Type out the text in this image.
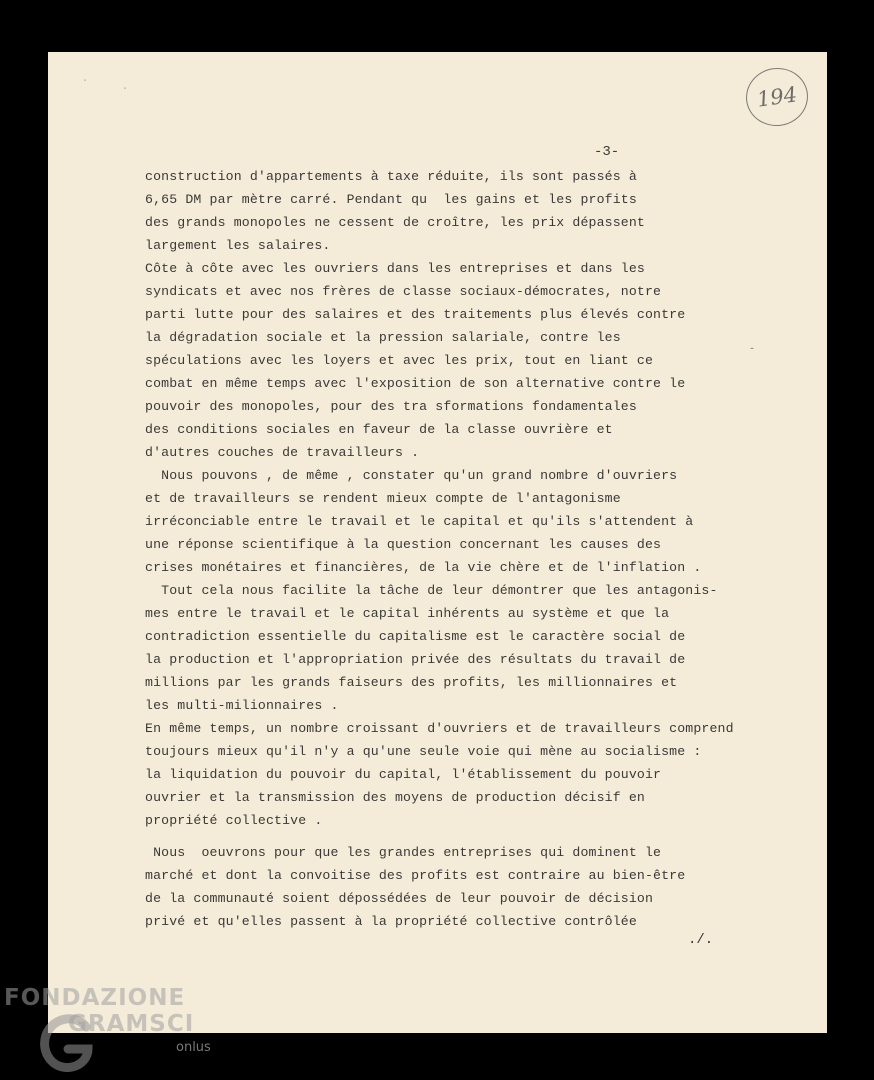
ˈ	ˌ
ˆ
194
-3-

construction d'appartements à taxe réduite, ils sont passés à

6,65 DM par mètre carré. Pendant qu  les gains et les profits

des grands monopoles ne cessent de croître, les prix dépassent

largement les salaires.

Côte à côte avec les ouvriers dans les entreprises et dans les

syndicats et avec nos frères de classe sociaux-démocrates, notre

parti lutte pour des salaires et des traitements plus élevés contre

la dégradation sociale et la pression salariale, contre les

spéculations avec les loyers et avec les prix, tout en liant ce

combat en même temps avec l'exposition de son alternative contre le

pouvoir des monopoles, pour des tra sformations fondamentales

des conditions sociales en faveur de la classe ouvrière et

d'autres couches de travailleurs .

Nous pouvons , de même , constater qu'un grand nombre d'ouvriers

et de travailleurs se rendent mieux compte de l'antagonisme

irréconciable entre le travail et le capital et qu'ils s'attendent à

une réponse scientifique à la question concernant les causes des

crises monétaires et financières, de la vie chère et de l'inflation .

Tout cela nous facilite la tâche de leur démontrer que les antagonis-

mes entre le travail et le capital inhérents au système et que la

contradiction essentielle du capitalisme est le caractère social de

la production et l'appropriation privée des résultats du travail de

millions par les grands faiseurs des profits, les millionnaires et

les multi-milionnaires .

En même temps, un nombre croissant d'ouvriers et de travailleurs comprend

toujours mieux qu'il n'y a qu'une seule voie qui mène au socialisme :

la liquidation du pouvoir du capital, l'établissement du pouvoir

ouvrier et la transmission des moyens de production décisif en

propriété collective .

Nous  oeuvrons pour que les grandes entreprises qui dominent le

marché et dont la convoitise des profits est contraire au bien-être

de la communauté soient dépossédées de leur pouvoir de décision

privé et qu'elles passent à la propriété collective contrôlée

./.
FONDAZIONE
GRAMSCI
onlus
